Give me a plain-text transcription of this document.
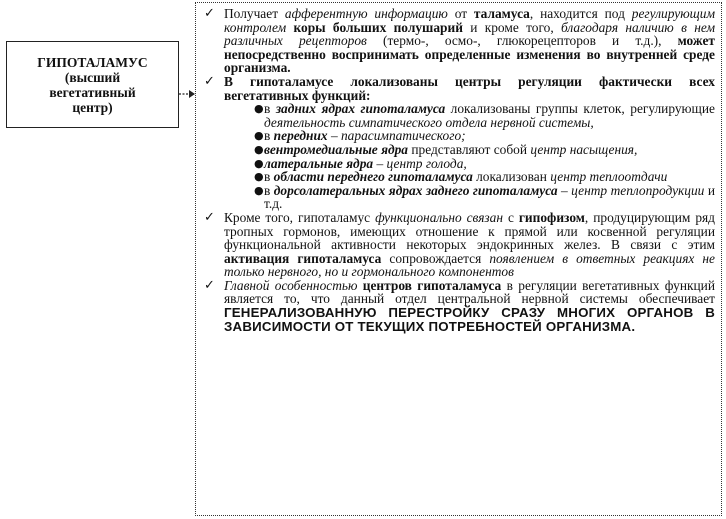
ГИПОТАЛАМУС
(высший
вегетативный
центр)

✓ Получает афферентную информацию от таламуса, находится под регулирующим контролем коры больших полушарий и кроме того, благодаря наличию в нем различных рецепторов (термо-, осмо-, глюкорецепторов и т.д.), может непосредственно воспринимать определенные изменения во внутренней среде организма.

✓ В гипоталамусе локализованы центры регуляции фактически всех вегетативных функций:

● в задних ядрах гипоталамуса локализованы группы клеток, регулирующие деятельность симпатического отдела нервной системы,

● в передних – парасимпатического;

● вентромедиальные ядра представляют собой центр насыщения,

● латеральные ядра – центр голода,

● в области переднего гипоталамуса локализован центр теплоотдачи

● в дорсолатеральных ядрах заднего гипоталамуса – центр теплопродукции и т.д.

✓ Кроме того, гипоталамус функционально связан с гипофизом, продуцирующим ряд тропных гормонов, имеющих отношение к прямой или косвенной регуляции функциональной активности некоторых эндокринных желез. В связи с этим активация гипоталамуса сопровождается появлением в ответных реакциях не только нервного, но и гормонального компонентов

✓ Главной особенностью центров гипоталамуса в регуляции вегетативных функций является то, что данный отдел центральной нервной системы обеспечивает ГЕНЕРАЛИЗОВАННУЮ ПЕРЕСТРОЙКУ СРАЗУ МНОГИХ ОРГАНОВ В ЗАВИСИМОСТИ ОТ ТЕКУЩИХ ПОТРЕБНОСТЕЙ ОРГАНИЗМА.
